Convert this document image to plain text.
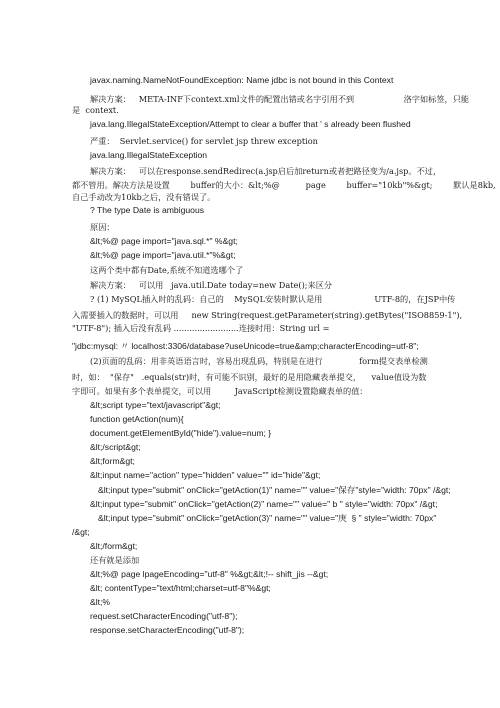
javax.naming.NameNotFoundException: Name jdbc is not bound in this Context
解决方案：   META-INF下context.xml文件的配置出错或名字引用不到                   洛字如标签，只能
是  context.
java.lang.IllegalStateException/Attempt to clear a buffer that ' s already been flushed
严重：  Servlet.service() for servlet jsp threw exception
java.lang.IllegalStateException
解决方案：   可以在response.sendRedirec(a.jsp启后加return或者把路径变为/a.jsp。不过，
都不管用。解决方法是设置        buffer的大小：&lt;%@          page        buffer="10kb"%&gt;        默认是8kb,
自己手动改为10kb之后，没有错误了。
? The type Date is ambiguous
原因：
&lt;%@ page import="java.sql.*" %&gt;
&lt;%@ page import="java.util.*"%&gt;
这两个类中都有Date,系统不知道选哪个了
解决方案：   可以用   java.util.Date today=new Date();来区分
? (1) MySQL插入时的乱码：自己的    MySQL安装时默认是用                    UTF-8的，在JSP中传
入需要插入的数据时，可以用     new String(request.getParameter(string).getBytes("ISO8859-1"),
"UTF-8"); 插入后没有乱码 .........................连接时用：String url =
"jdbc:mysql: 〃 localhost:3306/database?useUnicode=true&amp;characterEncoding=utf-8";
(2)页面的乱码：用非英语语言时，容易出现乱码，特别是在进行              form提交表单检测
时，如：  "保存"   .equals(str)时，有可能不识别，最好的是用隐藏表单提交，    value值设为数
字即可。如果有多个表单提交，可以用         JavaScript检测设置隐藏表单的值：
&lt;script type="text/javascript"&gt;
function getAction(num){
document.getElementById("hide").value=num; }
&lt;/script&gt;
&lt;form&gt;
&lt;input name="action" type="hidden" value="" id="hide"&gt;
&lt;input type="submit" onClick="getAction(1)" name="" value="保存"style="width: 70px" /&gt;
&lt;input type="submit" onClick="getAction(2)" name="" value=" b " style="width: 70px" /&gt;
&lt;input type="submit" onClick="getAction(3)" name="" value="庚  § " style="width: 70px"
/&gt;
&lt;/form&gt;
还有就是添加
&lt;%@ page lpageEncoding="utf-8" %&gt;&lt;!-- shift_jis --&gt;
&lt; contentType="text/html;charset=utf-8"%&gt;
&lt;%
request.setCharacterEncoding("utf-8");
response.setCharacterEncoding("utf-8");
